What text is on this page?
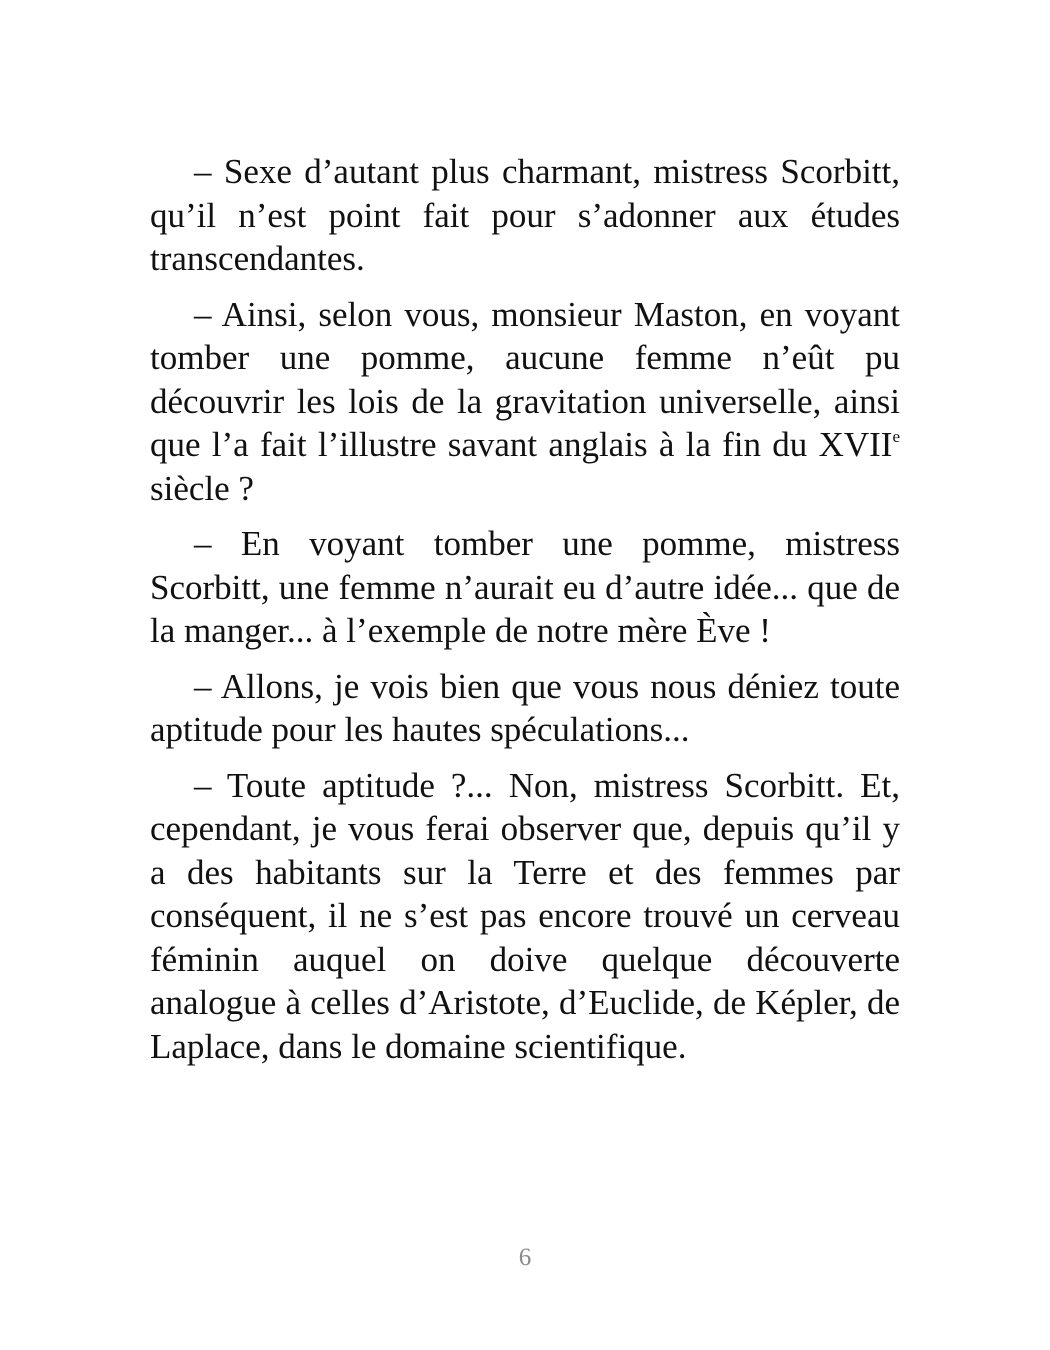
– Sexe d’autant plus charmant, mistress Scorbitt, qu’il n’est point fait pour s’adonner aux études transcendantes.

– Ainsi, selon vous, monsieur Maston, en voyant tomber une pomme, aucune femme n’eût pu découvrir les lois de la gravitation universelle, ainsi que l’a fait l’illustre savant anglais à la fin du XVIIe siècle ?

– En voyant tomber une pomme, mistress Scorbitt, une femme n’aurait eu d’autre idée... que de la manger... à l’exemple de notre mère Ève !

– Allons, je vois bien que vous nous déniez toute aptitude pour les hautes spéculations...

– Toute aptitude ?... Non, mistress Scorbitt. Et, cependant, je vous ferai observer que, depuis qu’il y a des habitants sur la Terre et des femmes par conséquent, il ne s’est pas encore trouvé un cerveau féminin auquel on doive quelque découverte analogue à celles d’Aristote, d’Euclide, de Képler, de Laplace, dans le domaine scientifique.

6
